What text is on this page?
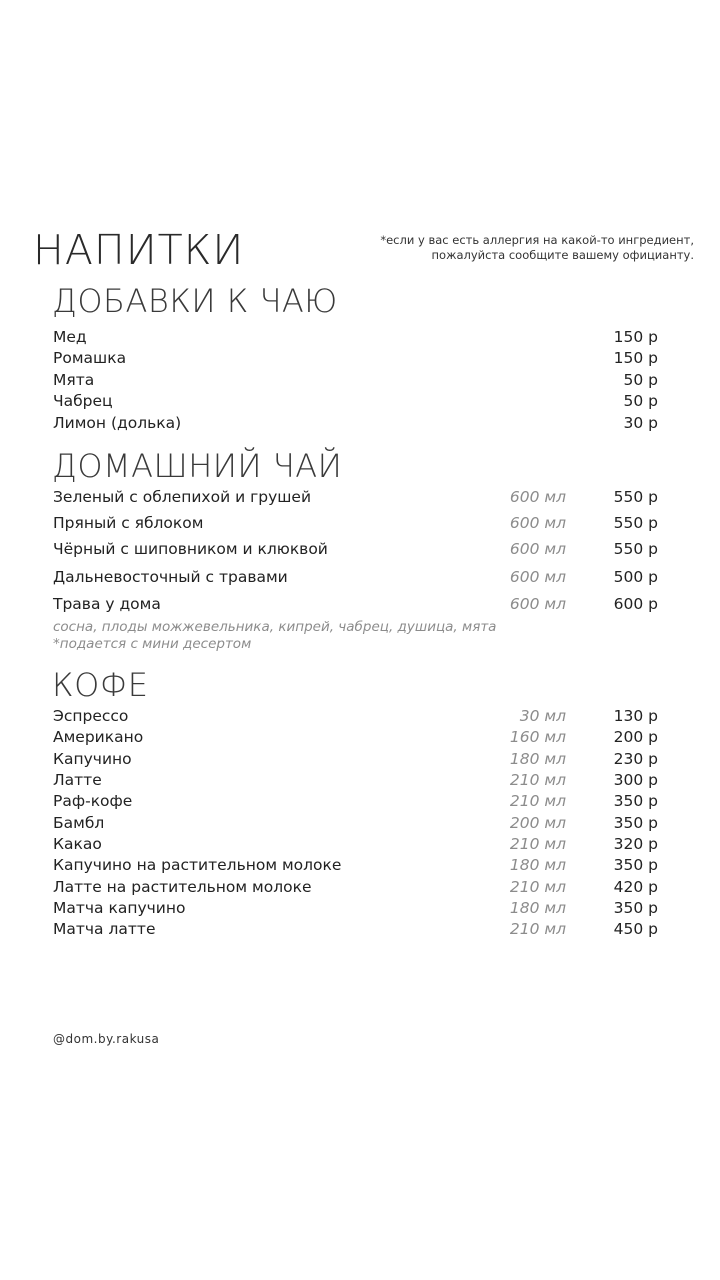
НАПИТКИ	*если у вас есть аллергия на какой-то ингредиент,
пожалуйста сообщите вашему официанту.
ДОБАВКИ К ЧАЮ
Мед	150 р
Ромашка	150 р
Мята	50 р
Чабрец	50 р
Лимон (долька)	30 р
ДОМАШНИЙ ЧАЙ
Зеленый с облепихой и грушей	600 мл	550 р
Пряный с яблоком	600 мл	550 р
Чёрный с шиповником и клюквой	600 мл	550 р
Дальневосточный с травами	600 мл	500 р
Трава у дома	600 мл	600 р
сосна, плоды можжевельника, кипрей, чабрец, душица, мята
*подается с мини десертом
КОФЕ
Эспрессо	30 мл	130 р
Американо	160 мл	200 р
Капучино	180 мл	230 р
Латте	210 мл	300 р
Раф-кофе	210 мл	350 р
Бамбл	200 мл	350 р
Какао	210 мл	320 р
Капучино на растительном молоке	180 мл	350 р
Латте на растительном молоке	210 мл	420 р
Матча капучино	180 мл	350 р
Матча латте	210 мл	450 р
@dom.by.rakusa
